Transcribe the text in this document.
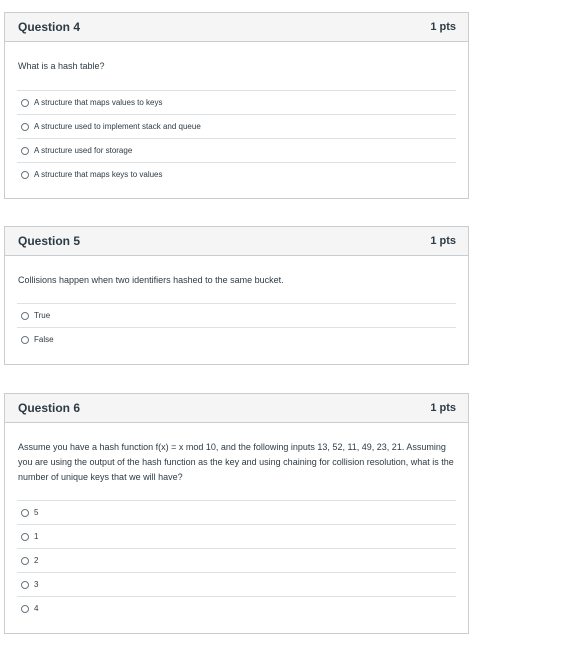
Question 4	1 pts
What is a hash table?
A structure that maps values to keys
A structure used to implement stack and queue
A structure used for storage
A structure that maps keys to values
Question 5	1 pts
Collisions happen when two identifiers hashed to the same bucket.
True
False
Question 6	1 pts
Assume you have a hash function f(x) = x mod 10, and the following inputs 13, 52, 11, 49, 23, 21. Assuming you are using the output of the hash function as the key and using chaining for collision resolution, what is the number of unique keys that we will have?
5
1
2
3
4
